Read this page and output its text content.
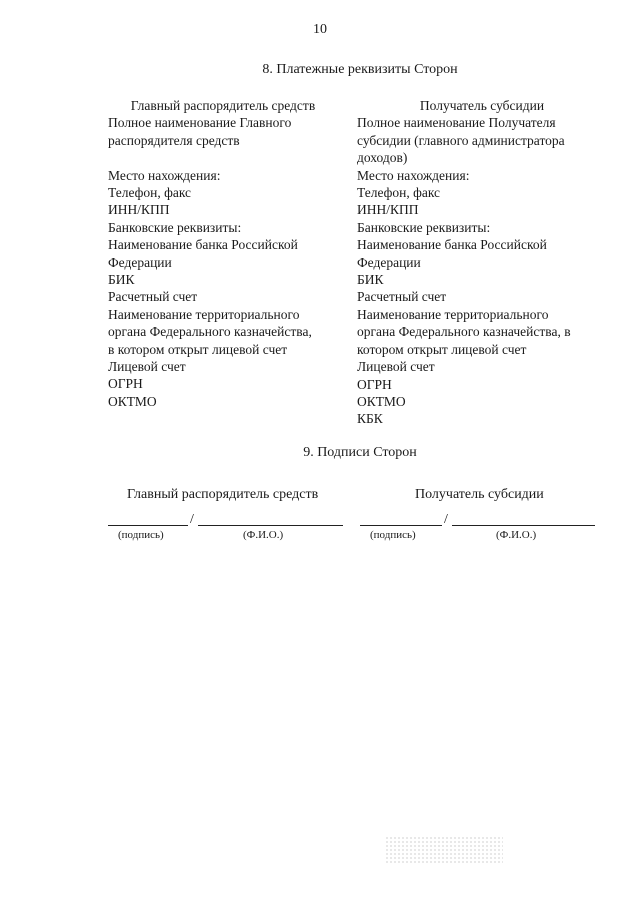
10
8. Платежные реквизиты Сторон
Главный распорядитель средств
Полное наименование Главного
распорядителя средств
Место нахождения:
Телефон, факс
ИНН/КПП
Банковские реквизиты:
Наименование банка Российской
Федерации
БИК
Расчетный счет
Наименование территориального
органа Федерального казначейства,
в котором открыт лицевой счет
Лицевой счет
ОГРН
ОКТМО
Получатель субсидии
Полное наименование Получателя
субсидии (главного администратора
доходов)
Место нахождения:
Телефон, факс
ИНН/КПП
Банковские реквизиты:
Наименование банка Российской
Федерации
БИК
Расчетный счет
Наименование территориального
органа Федерального казначейства, в
котором открыт лицевой счет
Лицевой счет
ОГРН
ОКТМО
КБК
9. Подписи Сторон
Главный распорядитель средств	Получатель субсидии
/	/
(подпись)	(Ф.И.О.)	(подпись)	(Ф.И.О.)
